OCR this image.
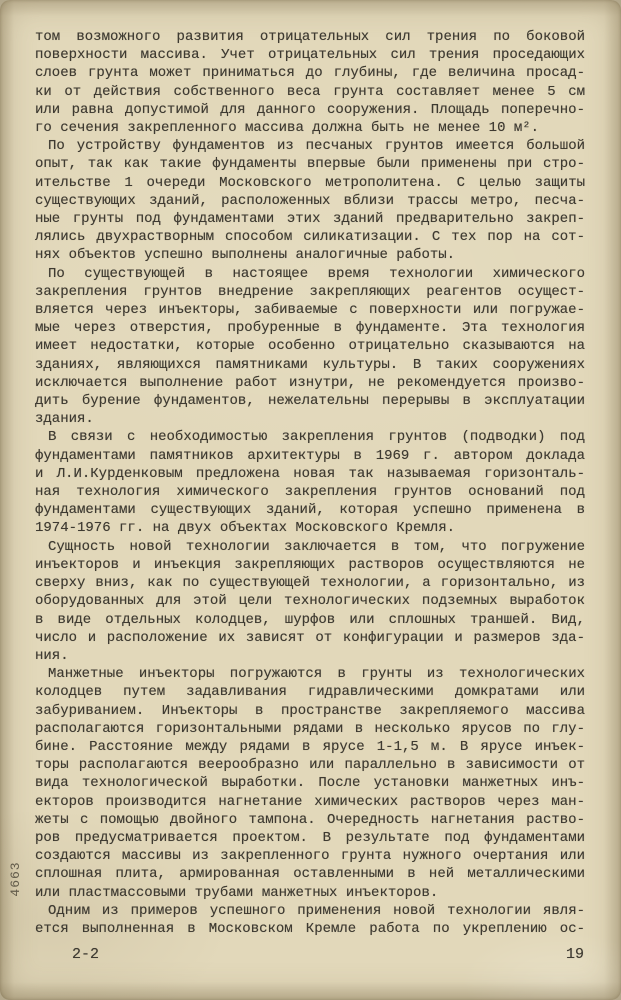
том возможного развития отрицательных сил трения по боковой
поверхности массива. Учет отрицательных сил трения проседающих
слоев грунта может приниматься до глубины, где величина просад-
ки от действия собственного веса грунта составляет менее 5 см
или равна допустимой для данного сооружения. Площадь поперечно-
го сечения закрепленного массива должна быть не менее 10 м².
По устройству фундаментов из песчаных грунтов имеется большой
опыт, так как такие фундаменты впервые были применены при стро-
ительстве 1 очереди Московского метрополитена. С целью защиты
существующих зданий, расположенных вблизи трассы метро, песча-
ные грунты под фундаментами этих зданий предварительно закреп-
лялись двухрастворным способом силикатизации. С тех пор на сот-
нях объектов успешно выполнены аналогичные работы.
По существующей в настоящее время технологии химического
закрепления грунтов внедрение закрепляющих реагентов осущест-
вляется через инъекторы, забиваемые с поверхности или погружае-
мые через отверстия, пробуренные в фундаменте. Эта технология
имеет недостатки, которые особенно отрицательно сказываются на
зданиях, являющихся памятниками культуры. В таких сооружениях
исключается выполнение работ изнутри, не рекомендуется произво-
дить бурение фундаментов, нежелательны перерывы в эксплуатации
здания.
В связи с необходимостью закрепления грунтов (подводки) под
фундаментами памятников архитектуры в 1969 г. автором доклада
и Л.И.Курденковым предложена новая так называемая горизонталь-
ная технология химического закрепления грунтов оснований под
фундаментами существующих зданий, которая успешно применена в
1974-1976 гг. на двух объектах Московского Кремля.
Сущность новой технологии заключается в том, что погружение
инъекторов и инъекция закрепляющих растворов осуществляются не
сверху вниз, как по существующей технологии, а горизонтально, из
оборудованных для этой цели технологических подземных выработок
в виде отдельных колодцев, шурфов или сплошных траншей. Вид,
число и расположение их зависят от конфигурации и размеров зда-
ния.
Манжетные инъекторы погружаются в грунты из технологических
колодцев путем задавливания гидравлическими домкратами или
забуриванием. Инъекторы в пространстве закрепляемого массива
располагаются горизонтальными рядами в несколько ярусов по глу-
бине. Расстояние между рядами в ярусе 1-1,5 м. В ярусе инъек-
торы располагаются веерообразно или параллельно в зависимости от
вида технологической выработки. После установки манжетных инъ-
екторов производится нагнетание химических растворов через ман-
жеты с помощью двойного тампона. Очередность нагнетания раство-
ров предусматривается проектом. В результате под фундаментами
создаются массивы из закрепленного грунта нужного очертания или
сплошная плита, армированная оставленными в ней металлическими
или пластмассовыми трубами манжетных инъекторов.
Одним из примеров успешного применения новой технологии явля-
ется выполненная в Московском Кремле работа по укреплению ос-
4663
2-2	19
